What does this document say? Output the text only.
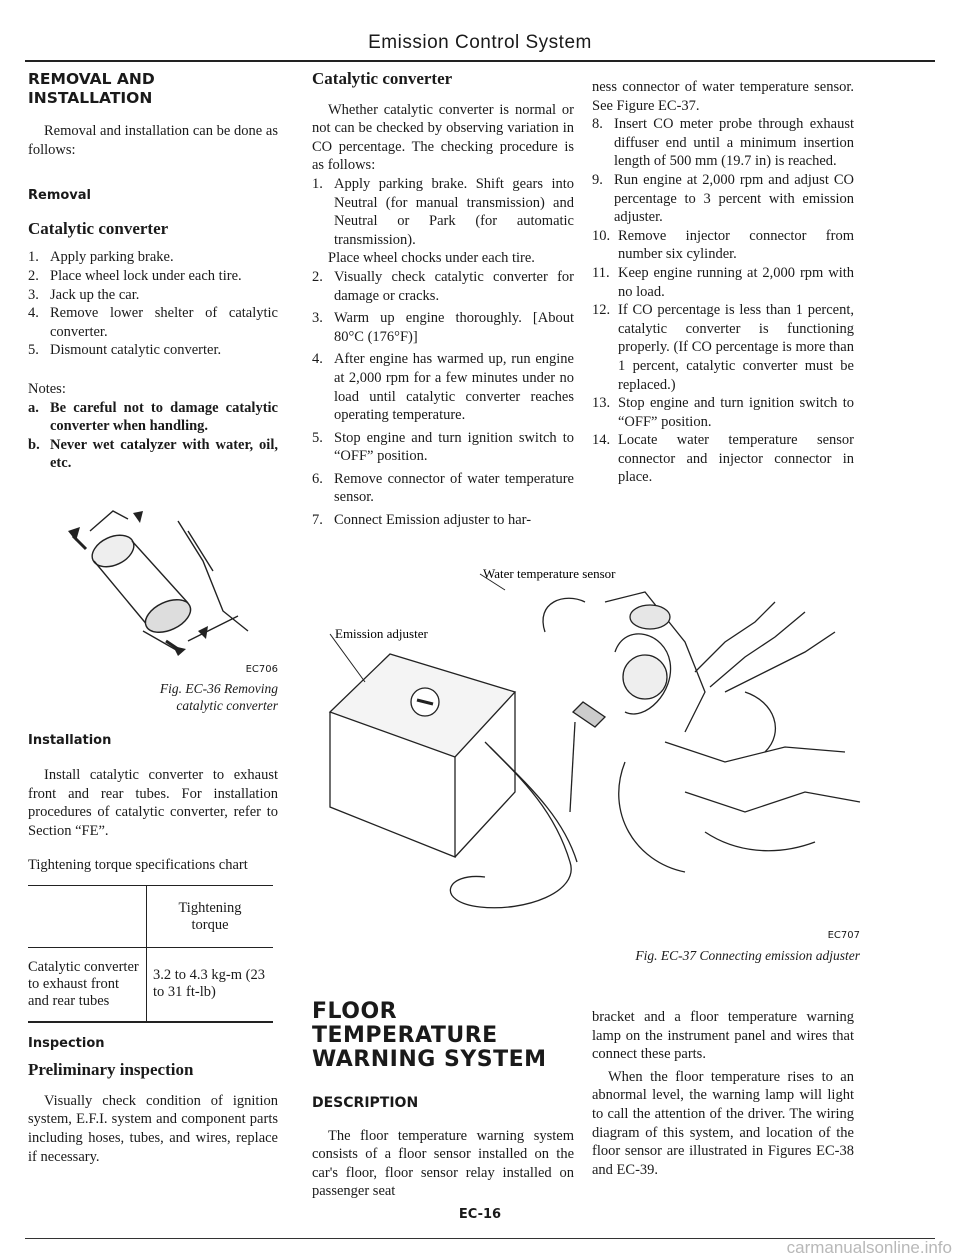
Emission Control System
REMOVAL AND INSTALLATION

Removal and installation can be done as follows:

Removal
Catalytic converter
1. Apply parking brake.
2. Place wheel lock under each tire.
3. Jack up the car.
4. Remove lower shelter of catalytic converter.
5. Dismount catalytic converter.
Notes:
a. Be careful not to damage catalytic converter when handling.
b. Never wet catalyzer with water, oil, etc.
EC706
Fig. EC-36 Removing catalytic converter
Installation

Install catalytic converter to exhaust front and rear tubes. For installation procedures of catalytic converter, refer to Section “FE”.

Tightening torque specifications chart

	Tightening torque
Catalytic converter to exhaust front and rear tubes	3.2 to 4.3 kg-m (23 to 31 ft-lb)
Inspection
Preliminary inspection

Visually check condition of ignition system, E.F.I. system and component parts including hoses, tubes, and wires, replace if necessary.

Catalytic converter

Whether catalytic converter is normal or not can be checked by observing variation in CO percentage. The checking procedure is as follows:

1. Apply parking brake. Shift gears into Neutral (for manual transmission) and Neutral or Park (for automatic transmission).

Place wheel chocks under each tire.

2. Visually check catalytic converter for damage or cracks.
3. Warm up engine thoroughly. [About 80°C (176°F)]
4. After engine has warmed up, run engine at 2,000 rpm for a few minutes under no load until catalytic converter reaches operating temperature.
5. Stop engine and turn ignition switch to “OFF” position.
6. Remove connector of water temperature sensor.
7. Connect Emission adjuster to har-
FLOOR TEMPERATURE WARNING SYSTEM
DESCRIPTION

The floor temperature warning system consists of a floor sensor installed on the car's floor, floor sensor relay installed on passenger seat

ness connector of water temperature sensor. See Figure EC-37.

8. Insert CO meter probe through exhaust diffuser end until a minimum insertion length of 500 mm (19.7 in) is reached.
9. Run engine at 2,000 rpm and adjust CO percentage to 3 percent with emission adjuster.
10. Remove injector connector from number six cylinder.
11. Keep engine running at 2,000 rpm with no load.
12. If CO percentage is less than 1 percent, catalytic converter is functioning properly. (If CO percentage is more than 1 percent, catalytic converter must be replaced.)
13. Stop engine and turn ignition switch to “OFF” position.
14. Locate water temperature sensor connector and injector connector in place.
Water temperature sensor
Emission adjuster
EC707
Fig. EC-37 Connecting emission adjuster

bracket and a floor temperature warning lamp on the instrument panel and wires that connect these parts.

When the floor temperature rises to an abnormal level, the warning lamp will light to call the attention of the driver. The wiring diagram of this system, and location of the floor sensor are illustrated in Figures EC-38 and EC-39.

EC-16
carmanualsonline.info
